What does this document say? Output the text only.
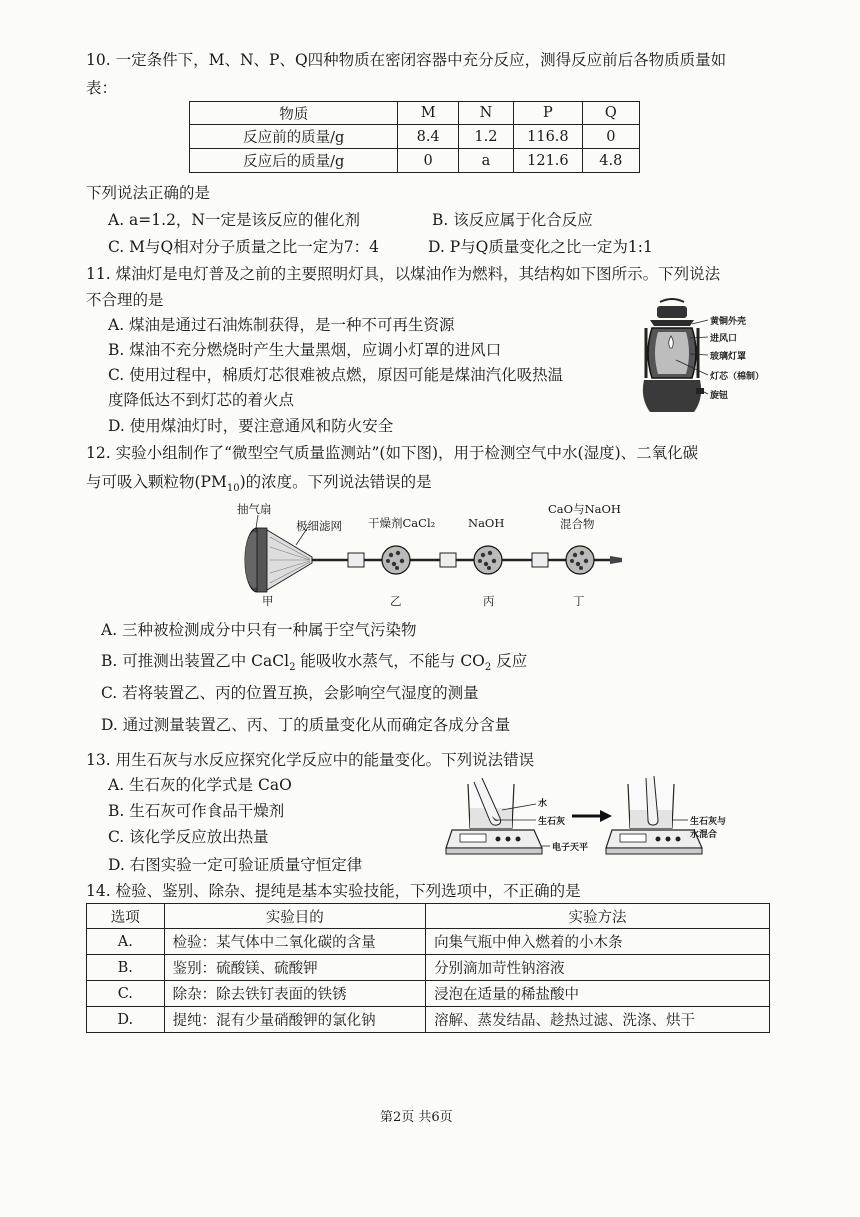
10. 一定条件下，M、N、P、Q四种物质在密闭容器中充分反应，测得反应前后各物质质量如
表：
物质	M	N	P	Q
反应前的质量/g	8.4	1.2	116.8	0
反应后的质量/g	0	a	121.6	4.8
下列说法正确的是
A. a=1.2，N一定是该反应的催化剂	B. 该反应属于化合反应
C. M与Q相对分子质量之比一定为7：4	D. P与Q质量变化之比一定为1:1
11. 煤油灯是电灯普及之前的主要照明灯具，以煤油作为燃料，其结构如下图所示。下列说法
不合理的是
A. 煤油是通过石油炼制获得，是一种不可再生资源
B. 煤油不充分燃烧时产生大量黑烟，应调小灯罩的进风口
C. 使用过程中，棉质灯芯很难被点燃，原因可能是煤油汽化吸热温
度降低达不到灯芯的着火点
D. 使用煤油灯时，要注意通风和防火安全
黄铜外壳
进风口
玻璃灯罩
灯芯（棉制）
旋钮
12. 实验小组制作了“微型空气质量监测站”(如下图)，用于检测空气中水(湿度)、二氧化碳
与可吸入颗粒物$(PM_{10})$的浓度。下列说法错误的是
抽气扇
极细滤网 干燥剂CaCl₂	NaOH
CaO与NaOH
混合物
甲	乙	丙	丁
A. 三种被检测成分中只有一种属于空气污染物
B. 可推测出装置乙中 CaCl$_2$ 能吸收水蒸气，不能与 $CO_2$ 反应
C. 若将装置乙、丙的位置互换，会影响空气湿度的测量
D. 通过测量装置乙、丙、丁的质量变化从而确定各成分含量
13. 用生石灰与水反应探究化学反应中的能量变化。下列说法错误
A. 生石灰的化学式是 CaO
B. 生石灰可作食品干燥剂
C. 该化学反应放出热量
D. 右图实验一定可验证质量守恒定律
水
生石灰
电子天平
生石灰与
水混合
14. 检验、鉴别、除杂、提纯是基本实验技能，下列选项中，不正确的是
选项	实验目的	实验方法
A.	检验：某气体中二氧化碳的含量	向集气瓶中伸入燃着的小木条
B.	鉴别：硫酸镁、硫酸钾	分别滴加苛性钠溶液
C.	除杂：除去铁钉表面的铁锈	浸泡在适量的稀盐酸中
D.	提纯：混有少量硝酸钾的氯化钠	溶解、蒸发结晶、趁热过滤、洗涤、烘干
第2页 共6页
